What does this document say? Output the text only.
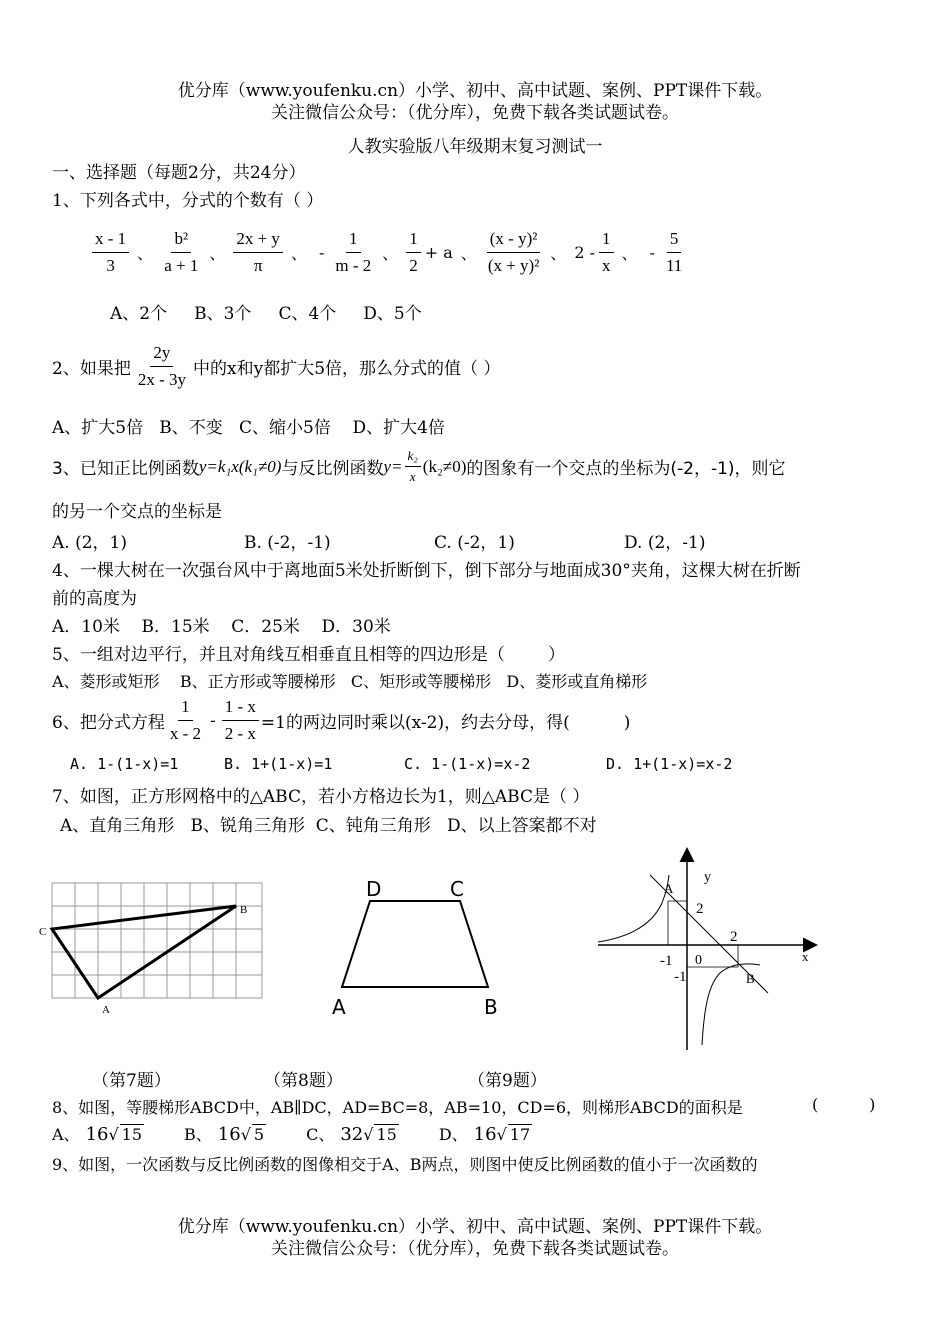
优分库（www.youfenku.cn）小学、初中、高中试题、案例、PPT课件下载。
关注微信公众号：（优分库），免费下载各类试题试卷。
人教实验版八年级期末复习测试一
一、选择题（每题2分，共24分）
1、下列各式中，分式的个数有（ ）
$\frac{x - 1}{3}$ 、 $\frac{\text{b²}}{a + 1}$ 、 $\frac{2x + y}{\pi}$ 、 - $\frac{1}{m - 2}$ 、 $\frac{1}{2} + a$ 、 $\frac{\text{(x - y)²}}{\text{(x + y)²}}$ 、 $2 - \frac{1}{x}$ 、 - $\frac{5}{11}$
A、2个     B、3个     C、4个     D、5个
2、如果把 $\frac{2y}{2x - 3y}$ 中的x和y都扩大5倍，那么分式的值（ ）
A、扩大5倍   B、不变   C、缩小5倍    D、扩大4倍
3、已知正比例函数 y=k₁x(k₁≠0) 与反比例函数 $y= \frac{\text{k₂}}{x} (k_2\ne 0)$ 的图象有一个交点的坐标为(-2，-1)，则它
的另一个交点的坐标是
A. (2，1)	B. (-2，-1)	C. (-2，1)	D. (2，-1)
4、一棵大树在一次强台风中于离地面5米处折断倒下，倒下部分与地面成30°夹角，这棵大树在折断
前的高度为
A．10米    B．15米    C．25米    D．30米
5、一组对边平行，并且对角线互相垂直且相等的四边形是（        ）
A、菱形或矩形    B、正方形或等腰梯形   C、矩形或等腰梯形   D、菱形或直角梯形
6、把分式方程 $\frac{1}{x - 2} - \frac{1 - x}{2 - x} =1$的两边同时乘以(x-2)，约去分母，得(          )
A. 1-(1-x)=1	B. 1+(1-x)=1	C. 1-(1-x)=x-2	D. 1+(1-x)=x-2
7、如图，正方形网格中的△ABC，若小方格边长为1，则△ABC是（ ）
A、直角三角形   B、锐角三角形  C、钝角三角形   D、以上答案都不对
C
A
B
D	C
A	B
A
B
y
x
0
2
2
-1
-1
（第7题）	（第8题）	（第9题）
8、如图，等腰梯形ABCD中，AB∥DC，AD=BC=8，AB=10，CD=6，则梯形ABCD的面积是	(          )
A、 16√ 15	B、 16√ 5	C、 32√ 15	D、 16√ 17
9、如图，一次函数与反比例函数的图像相交于A、B两点，则图中使反比例函数的值小于一次函数的
优分库（www.youfenku.cn）小学、初中、高中试题、案例、PPT课件下载。
关注微信公众号：（优分库），免费下载各类试题试卷。
